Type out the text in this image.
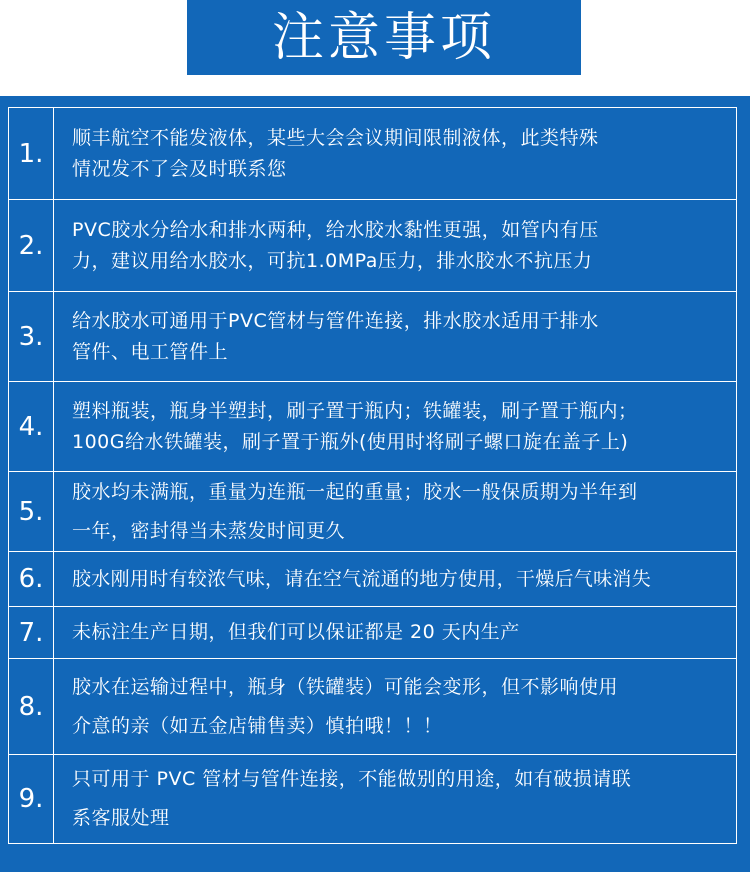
注意事项
1.
顺丰航空不能发液体，某些大会会议期间限制液体，此类特殊
情况发不了会及时联系您
2.
PVC胶水分给水和排水两种，给水胶水黏性更强，如管内有压
力，建议用给水胶水，可抗1.0MPa压力，排水胶水不抗压力
3.
给水胶水可通用于PVC管材与管件连接，排水胶水适用于排水
管件、电工管件上
4.
塑料瓶装，瓶身半塑封，刷子置于瓶内；铁罐装，刷子置于瓶内；
100G给水铁罐装，刷子置于瓶外(使用时将刷子螺口旋在盖子上)
5.
胶水均未满瓶，重量为连瓶一起的重量；胶水一般保质期为半年到
一年，密封得当未蒸发时间更久
6.	胶水刚用时有较浓气味，请在空气流通的地方使用，干燥后气味消失
7.	未标注生产日期，但我们可以保证都是 20 天内生产
8.
胶水在运输过程中，瓶身（铁罐装）可能会变形，但不影响使用
介意的亲（如五金店铺售卖）慎拍哦！！！
9.
只可用于 PVC 管材与管件连接，不能做别的用途，如有破损请联
系客服处理
